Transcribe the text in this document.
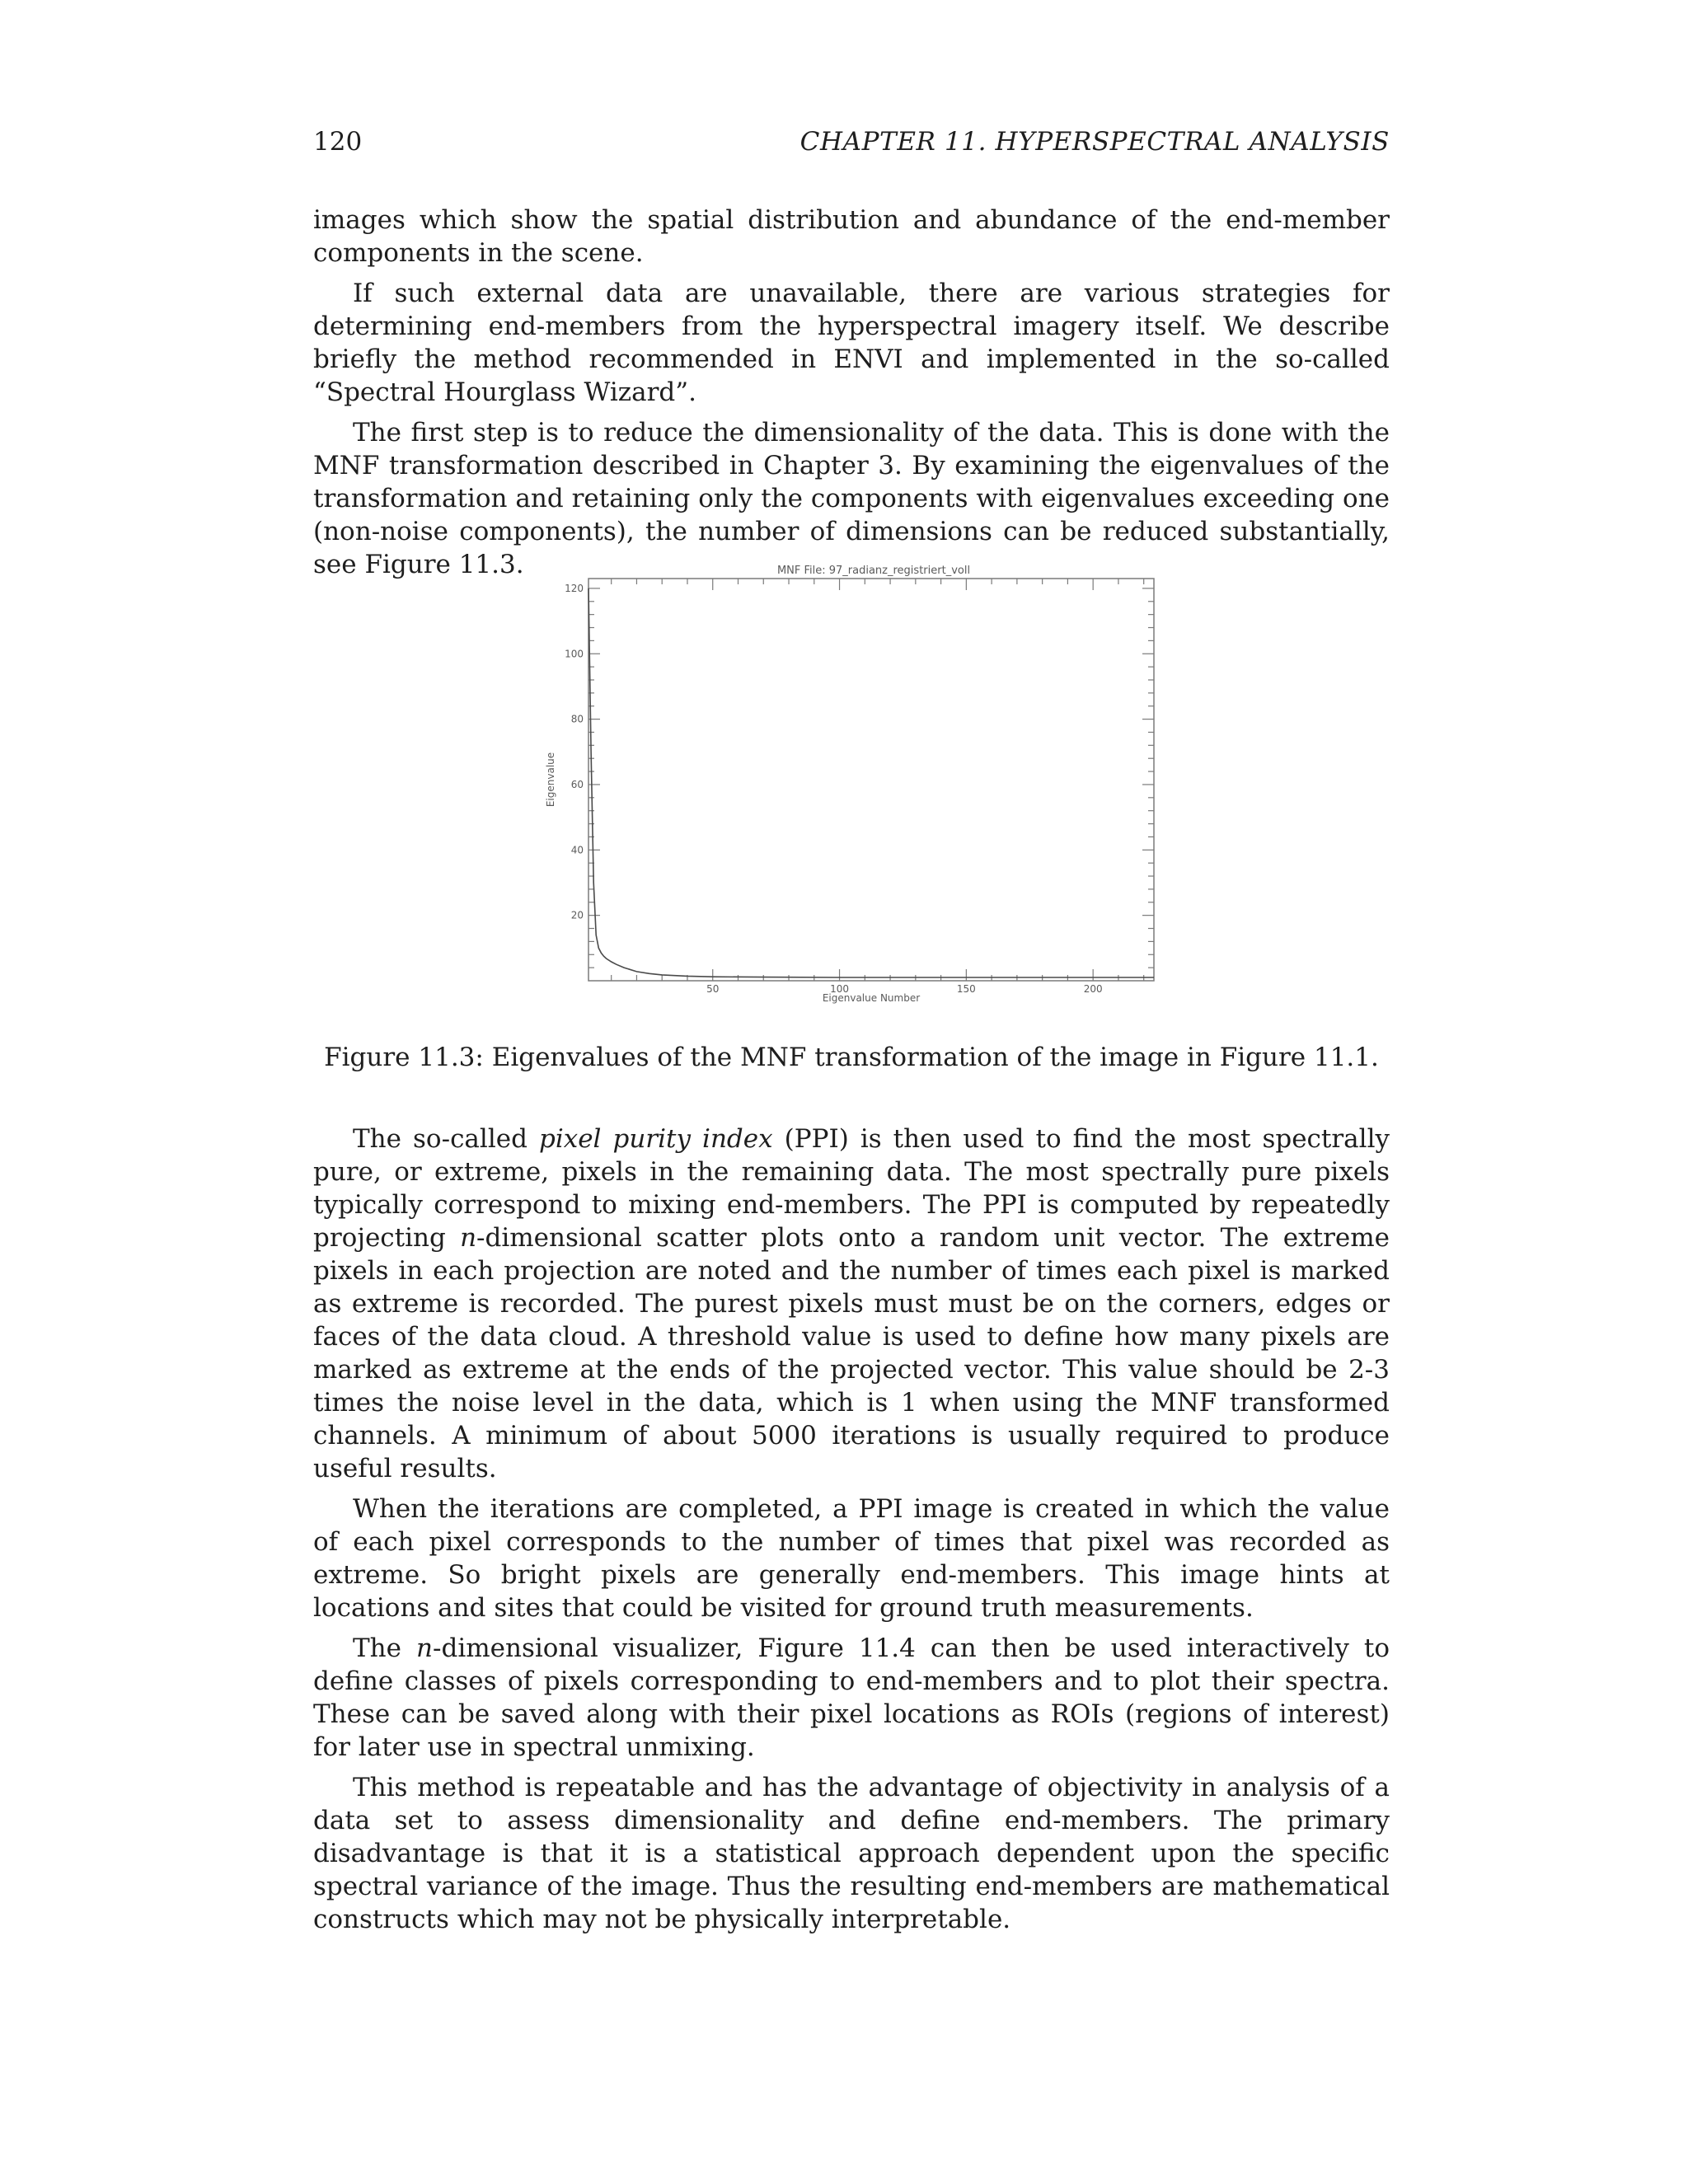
120	CHAPTER 11. HYPERSPECTRAL ANALYSIS

images which show the spatial distribution and abundance of the end-member components in the scene.

If such external data are unavailable, there are various strategies for determining end-members from the hyperspectral imagery itself. We describe briefly the method recommended in ENVI and implemented in the so-called “Spectral Hourglass Wizard”.

The first step is to reduce the dimensionality of the data. This is done with the MNF transformation described in Chapter 3. By examining the eigenvalues of the transformation and retaining only the components with eigenvalues exceeding one (non-noise components), the number of dimensions can be reduced substantially, see Figure 11.3.	MNF File: 97_radianz_registriert_voll
50	100	150	200
20
40
60
80
100
120
Eigenvalue Number
Eigenvalue
Figure 11.3: Eigenvalues of the MNF transformation of the image in Figure 11.1.

The so-called pixel purity index (PPI) is then used to find the most spectrally pure, or extreme, pixels in the remaining data. The most spectrally pure pixels typically correspond to mixing end-members. The PPI is computed by repeatedly projecting n-dimensional scatter plots onto a random unit vector. The extreme pixels in each projection are noted and the number of times each pixel is marked as extreme is recorded. The purest pixels must must be on the corners, edges or faces of the data cloud. A threshold value is used to define how many pixels are marked as extreme at the ends of the projected vector. This value should be 2-3 times the noise level in the data, which is 1 when using the MNF transformed channels. A minimum of about 5000 iterations is usually required to produce useful results.

When the iterations are completed, a PPI image is created in which the value of each pixel corresponds to the number of times that pixel was recorded as extreme. So bright pixels are generally end-members. This image hints at locations and sites that could be visited for ground truth measurements.

The n-dimensional visualizer, Figure 11.4 can then be used interactively to define classes of pixels corresponding to end-members and to plot their spectra. These can be saved along with their pixel locations as ROIs (regions of interest) for later use in spectral unmixing.

This method is repeatable and has the advantage of objectivity in analysis of a data set to assess dimensionality and define end-members. The primary disadvantage is that it is a statistical approach dependent upon the specific spectral variance of the image. Thus the resulting end-members are mathematical constructs which may not be physically interpretable.
